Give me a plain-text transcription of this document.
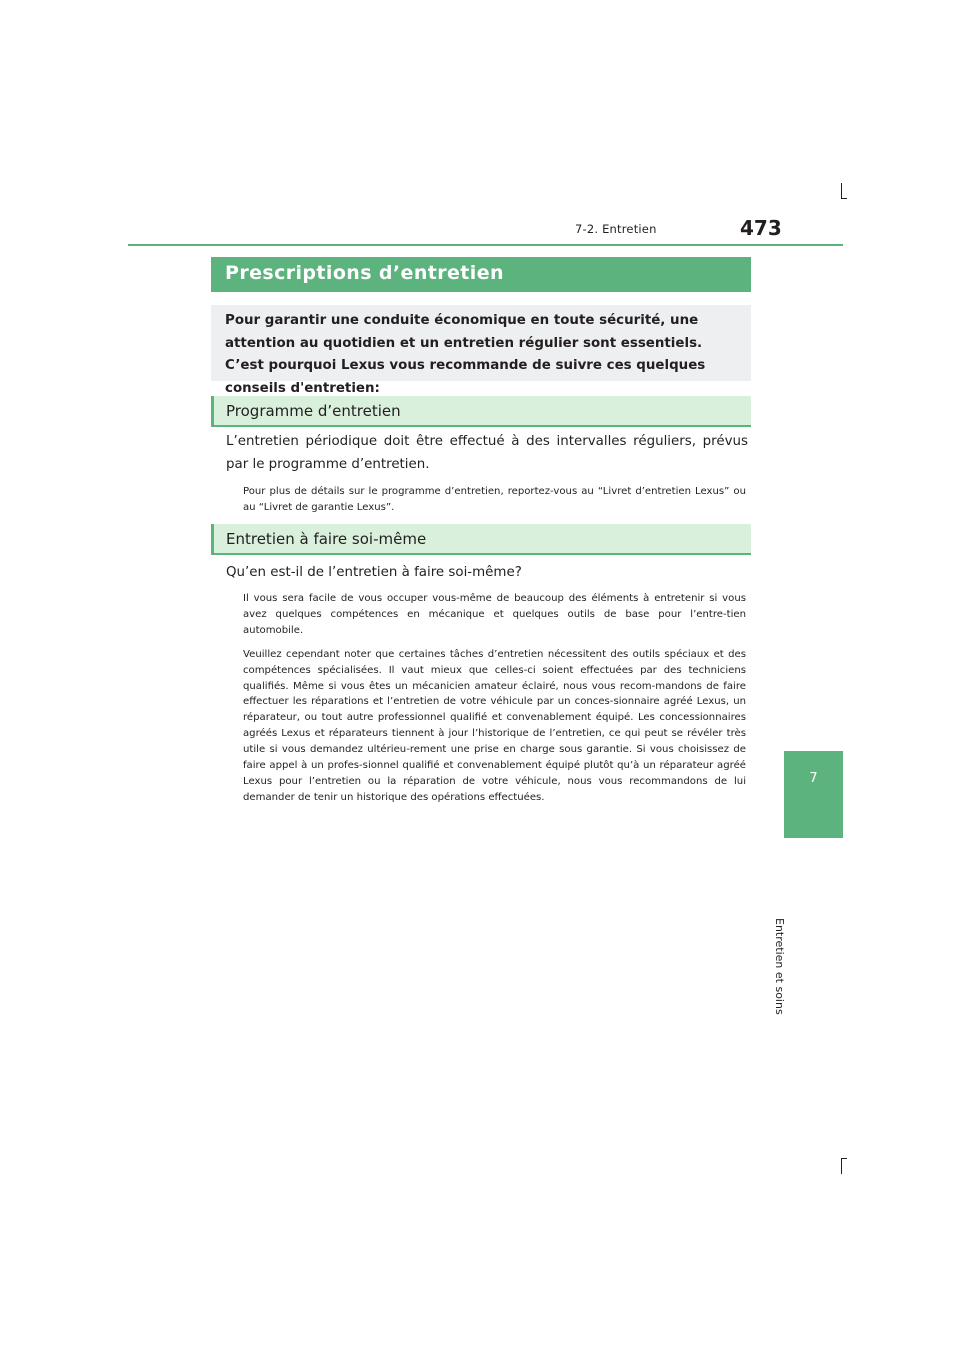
7-2. Entretien	473
7
Entretien et soins
Prescriptions d’entretien
Pour garantir une conduite économique en toute sécurité, une attention au quotidien et un entretien régulier sont essentiels. C’est pourquoi Lexus vous recommande de suivre ces quelques conseils d'entretien:
Programme d’entretien
L’entretien périodique doit être effectué à des intervalles réguliers, prévus par le programme d’entretien.

Pour plus de détails sur le programme d’entretien, reportez-vous au “Livret d’entretien Lexus” ou au “Livret de garantie Lexus”.

Entretien à faire soi-même
Qu’en est-il de l’entretien à faire soi-même?

Il vous sera facile de vous occuper vous-même de beaucoup des éléments à entretenir si vous avez quelques compétences en mécanique et quelques outils de base pour l’entre-tien automobile.

Veuillez cependant noter que certaines tâches d’entretien nécessitent des outils spéciaux et des compétences spécialisées. Il vaut mieux que celles-ci soient effectuées par des techniciens qualifiés. Même si vous êtes un mécanicien amateur éclairé, nous vous recom-mandons de faire effectuer les réparations et l’entretien de votre véhicule par un conces-sionnaire agréé Lexus, un réparateur, ou tout autre professionnel qualifié et convenablement équipé. Les concessionnaires agréés Lexus et réparateurs tiennent à jour l’historique de l’entretien, ce qui peut se révéler très utile si vous demandez ultérieu-rement une prise en charge sous garantie. Si vous choisissez de faire appel à un profes-sionnel qualifié et convenablement équipé plutôt qu’à un réparateur agréé Lexus pour l’entretien ou la réparation de votre véhicule, nous vous recommandons de lui demander de tenir un historique des opérations effectuées.
